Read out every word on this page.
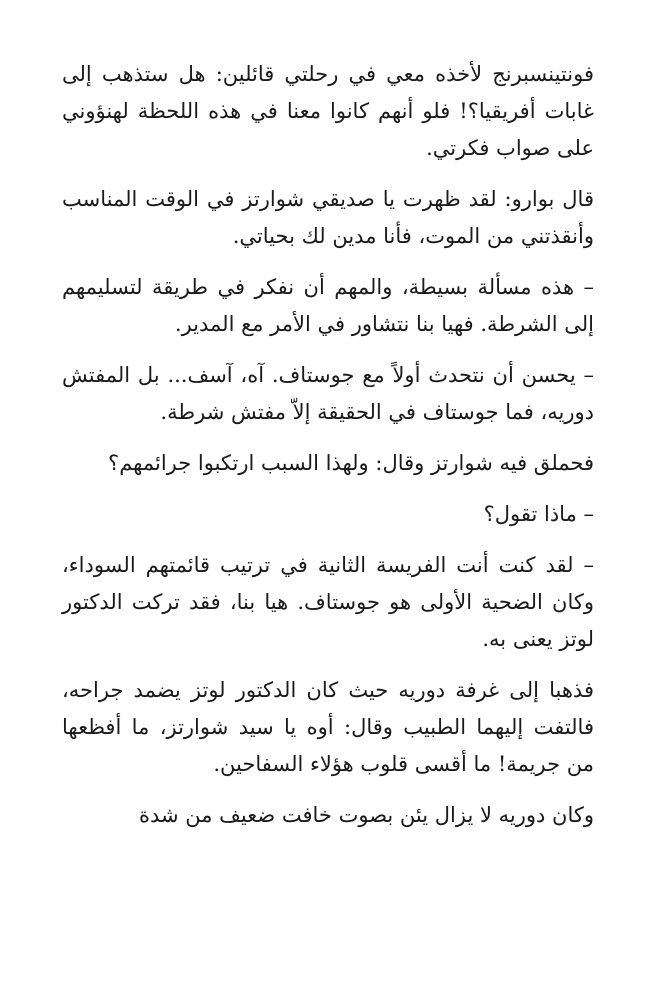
فونتينسبرنج لأخذه معي في رحلتي قائلين: هل ستذهب إلى غابات أفريقيا؟! فلو أنهم كانوا معنا في هذه اللحظة لهنؤوني على صواب فكرتي.

قال بوارو: لقد ظهرت يا صديقي شوارتز في الوقت المناسب وأنقذتني من الموت، فأنا مدين لك بحياتي.

– هذه مسألة بسيطة، والمهم أن نفكر في طريقة لتسليمهم إلى الشرطة. فهيا بنا نتشاور في الأمر مع المدير.

– يحسن أن نتحدث أولاً مع جوستاف. آه، آسف... بل المفتش دوريه، فما جوستاف في الحقيقة إلاّ مفتش شرطة.

فحملق فيه شوارتز وقال: ولهذا السبب ارتكبوا جرائمهم؟

– ماذا تقول؟

– لقد كنت أنت الفريسة الثانية في ترتيب قائمتهم السوداء، وكان الضحية الأولى هو جوستاف. هيا بنا، فقد تركت الدكتور لوتز يعنى به.

فذهبا إلى غرفة دوريه حيث كان الدكتور لوتز يضمد جراحه، فالتفت إليهما الطبيب وقال: أوه يا سيد شوارتز، ما أفظعها من جريمة! ما أقسى قلوب هؤلاء السفاحين.

وكان دوريه لا يزال يئن بصوت خافت ضعيف من شدة
